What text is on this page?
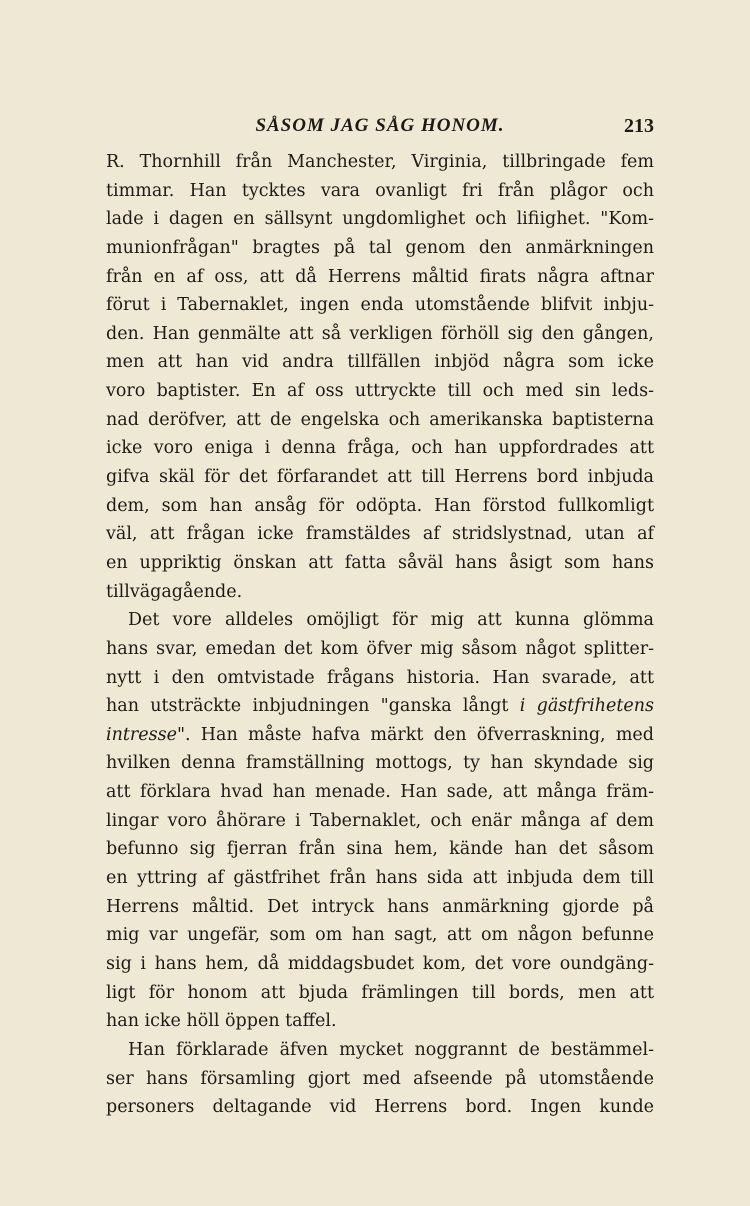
SÅSOM JAG SÅG HONOM.	213
R. Thornhill från Manchester, Virginia, tillbringade fem
timmar. Han tycktes vara ovanligt fri från plågor och
lade i dagen en sällsynt ungdomlighet och lifiighet. "Kom-
munionfrågan" bragtes på tal genom den anmärkningen
från en af oss, att då Herrens måltid firats några aftnar
förut i Tabernaklet, ingen enda utomstående blifvit inbju-
den. Han genmälte att så verkligen förhöll sig den gången,
men att han vid andra tillfällen inbjöd några som icke
voro baptister. En af oss uttryckte till och med sin leds-
nad deröfver, att de engelska och amerikanska baptisterna
icke voro eniga i denna fråga, och han uppfordrades att
gifva skäl för det förfarandet att till Herrens bord inbjuda
dem, som han ansåg för odöpta. Han förstod fullkomligt
väl, att frågan icke framstäldes af stridslystnad, utan af
en uppriktig önskan att fatta såväl hans åsigt som hans
tillvägagående.
Det vore alldeles omöjligt för mig att kunna glömma
hans svar, emedan det kom öfver mig såsom något splitter-
nytt i den omtvistade frågans historia. Han svarade, att
han utsträckte inbjudningen "ganska långt i gästfrihetens
intresse". Han måste hafva märkt den öfverraskning, med
hvilken denna framställning mottogs, ty han skyndade sig
att förklara hvad han menade. Han sade, att många främ-
lingar voro åhörare i Tabernaklet, och enär många af dem
befunno sig fjerran från sina hem, kände han det såsom
en yttring af gästfrihet från hans sida att inbjuda dem till
Herrens måltid. Det intryck hans anmärkning gjorde på
mig var ungefär, som om han sagt, att om någon befunne
sig i hans hem, då middagsbudet kom, det vore oundgäng-
ligt för honom att bjuda främlingen till bords, men att
han icke höll öppen taffel.
Han förklarade äfven mycket noggrannt de bestämmel-
ser hans församling gjort med afseende på utomstående
personers deltagande vid Herrens bord. Ingen kunde
